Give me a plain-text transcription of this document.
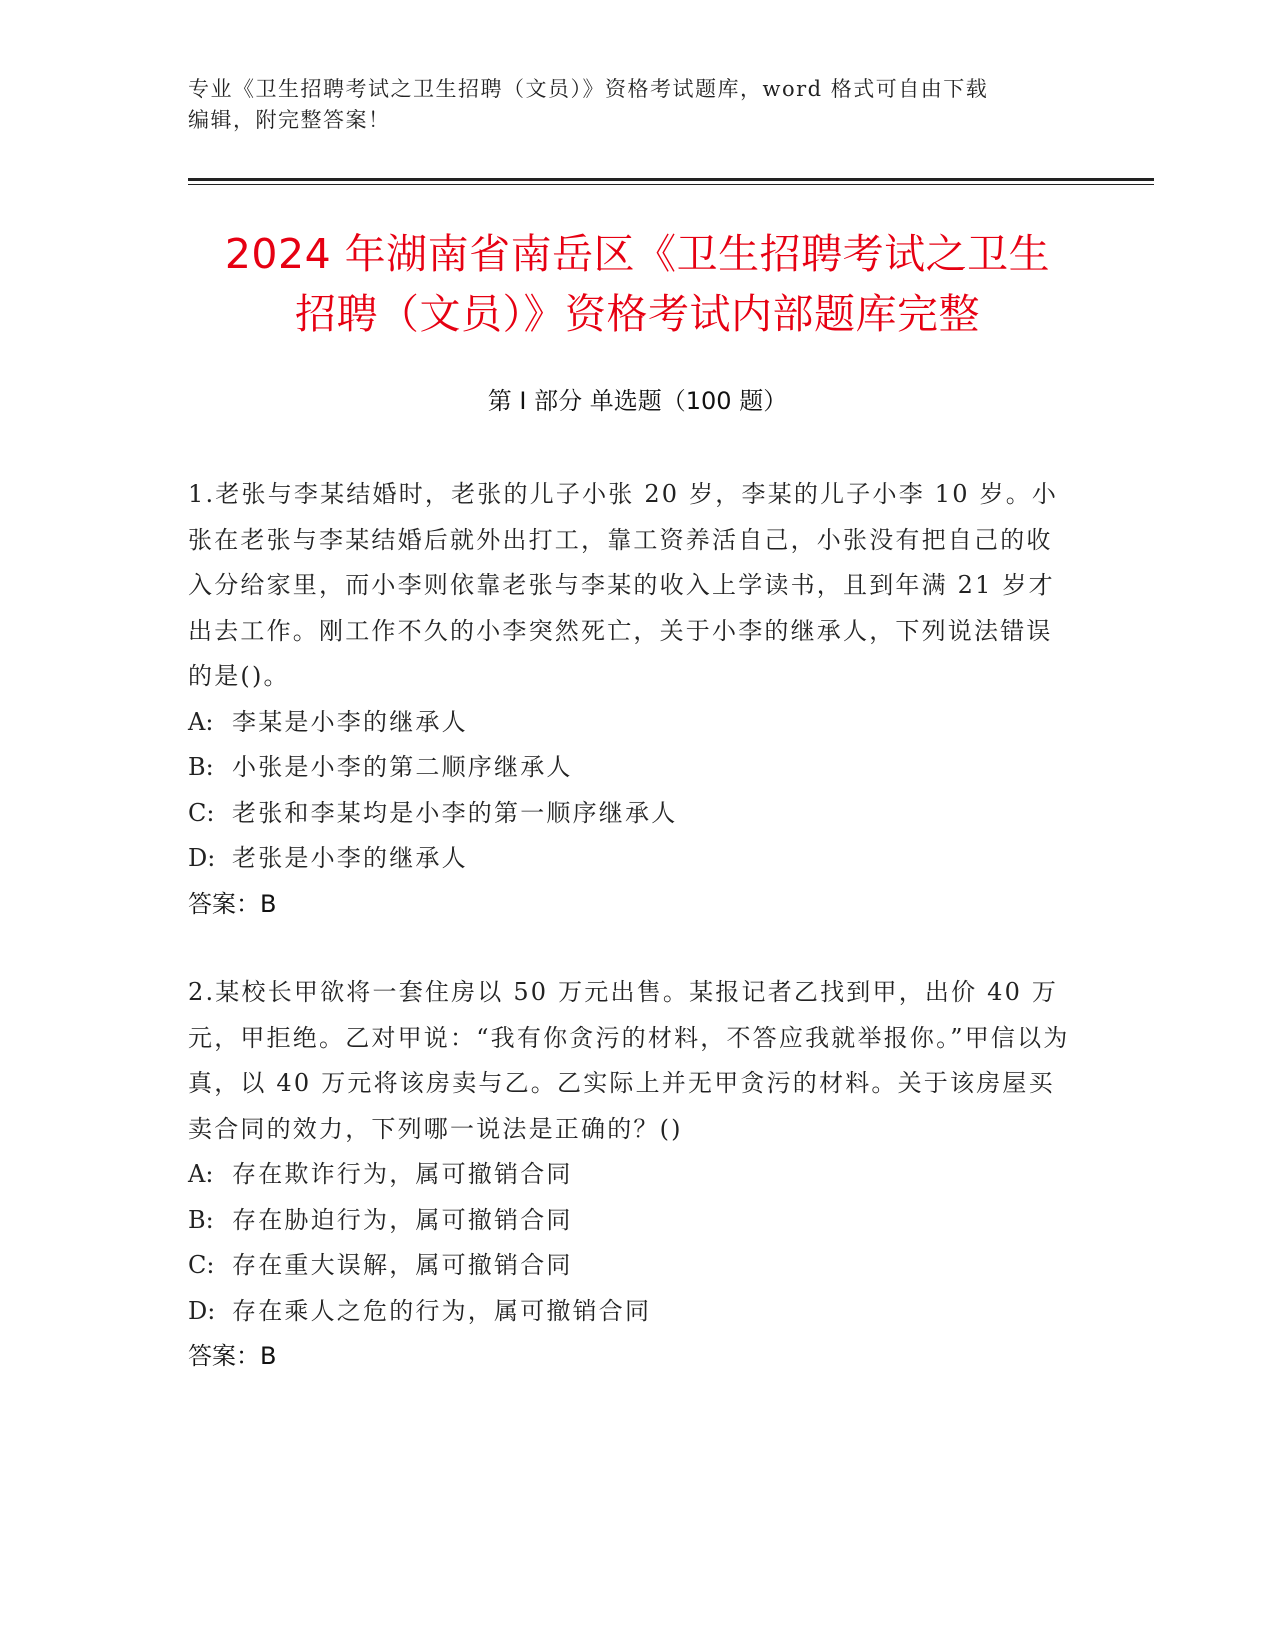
专业《卫生招聘考试之卫生招聘（文员）》资格考试题库，word 格式可自由下载
编辑，附完整答案！
2024 年湖南省南岳区《卫生招聘考试之卫生
招聘（文员）》资格考试内部题库完整
第 I 部分 单选题（100 题）

1.老张与李某结婚时，老张的儿子小张 20 岁，李某的儿子小李 10 岁。小张在老张与李某结婚后就外出打工，靠工资养活自己，小张没有把自己的收入分给家里，而小李则依靠老张与李某的收入上学读书，且到年满 21 岁才出去工作。刚工作不久的小李突然死亡，关于小李的继承人，下列说法错误的是()。

A: 李某是小李的继承人

B: 小张是小李的第二顺序继承人

C: 老张和李某均是小李的第一顺序继承人

D: 老张是小李的继承人

答案：B

2.某校长甲欲将一套住房以 50 万元出售。某报记者乙找到甲，出价 40 万元，甲拒绝。乙对甲说：“我有你贪污的材料，不答应我就举报你。”甲信以为真，以 40 万元将该房卖与乙。乙实际上并无甲贪污的材料。关于该房屋买卖合同的效力，下列哪一说法是正确的？()

A: 存在欺诈行为，属可撤销合同

B: 存在胁迫行为，属可撤销合同

C: 存在重大误解，属可撤销合同

D: 存在乘人之危的行为，属可撤销合同

答案：B
